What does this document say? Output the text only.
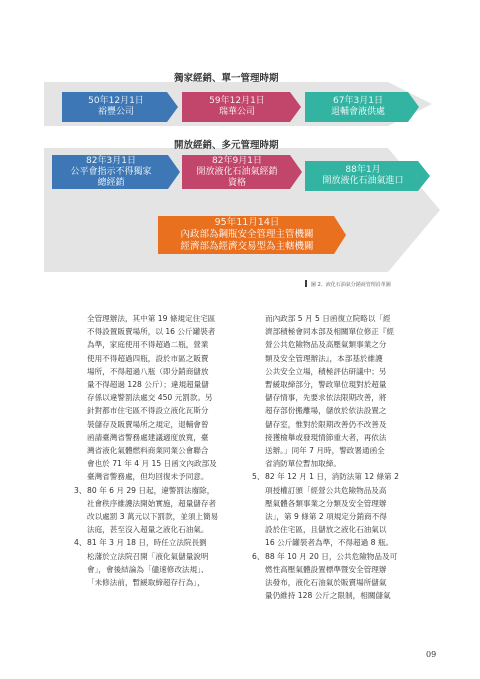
獨家經銷、單一管理時期
50年12月1日
裕豐公司
59年12月1日
瑞華公司
67年3月1日
退輔會液供處
開放經銷、多元管理時期
82年3月1日
公平會指示不得獨家
總經銷
82年9月1日
開放液化石油氣經銷
資格
88年1月
開放液化石油氣進口
95年11月14日
內政部為鋼瓶安全管理主管機關
經濟部為經濟交易型為主轄機關
圖 2、液化石油氣分銷商管理沿革圖

全管理辦法，其中第 19 條規定住宅區

不得設置販賣場所，以 16 公斤罐裝者

為準，家庭使用不得超過二瓶，營業

使用不得超過四瓶，設於市區之販賣

場所，不得超過八瓶（即分銷商儲放

量不得超過 128 公斤）；違規超量儲

存係以違警罰法處交 450 元罰款。另

針對都市住宅區不得設立液化瓦斯分

裝儲存及販賣場所之規定，退輔會曾

函請臺灣省警務處建議適度放寬，臺

灣省液化氣體燃料商業同業公會聯合

會也於 71 年 4 月 15 日函文內政部及

臺灣省警務處，但均回復未予同意。

3、 80 年 6 月 29 日起，違警罰法廢除，

社會秩序維護法開始實施，超量儲存者

改以處罰 3 萬元以下罰款，並須上簡易

法庭，甚至沒入超量之液化石油氣。

4、 81 年 3 月 18 日，時任立法院長劉

松藩於立法院召開「液化氣儲量說明

會」，會後結論為「儘速修改法規」、

「未修法前，暫緩取締超存行為」，

而內政部 5 月 5 日函復立院略以「經

濟部積極會同本部及相關單位修正『經

營公共危險物品及高壓氣類事業之分

類及安全管理辦法』，本部基於維護

公共安全立場，積極評估研議中；另

暫緩取締部分，警政單位現對於超量

儲存情事，先要求依法限期改善，將

超存部份搬離場，儲放於依法設置之

儲存室，惟對於限期改善仍不改善及

接獲檢舉或發現情節重大者，再依法

送辦。」同年 7 月時，警政署通函全

省消防單位暫加取締。

5、 82 年 12 月 1 日，消防法第 12 條第 2

項授權訂頒「經營公共危險物品及高

壓氣體各類事業之分類及安全管理辦

法」，第 9 條第 2 項規定分銷商不得

設於住宅區，且儲放之液化石油氣以

16 公斤罐裝者為準，不得超過 8 瓶。

6、 88 年 10 月 20 日，公共危險物品及可

燃性高壓氣體設置標準暨安全管理辦

法發布，液化石油氣於販賣場所儲氣

量仍維持 128 公斤之限制，相關儲氣

09
